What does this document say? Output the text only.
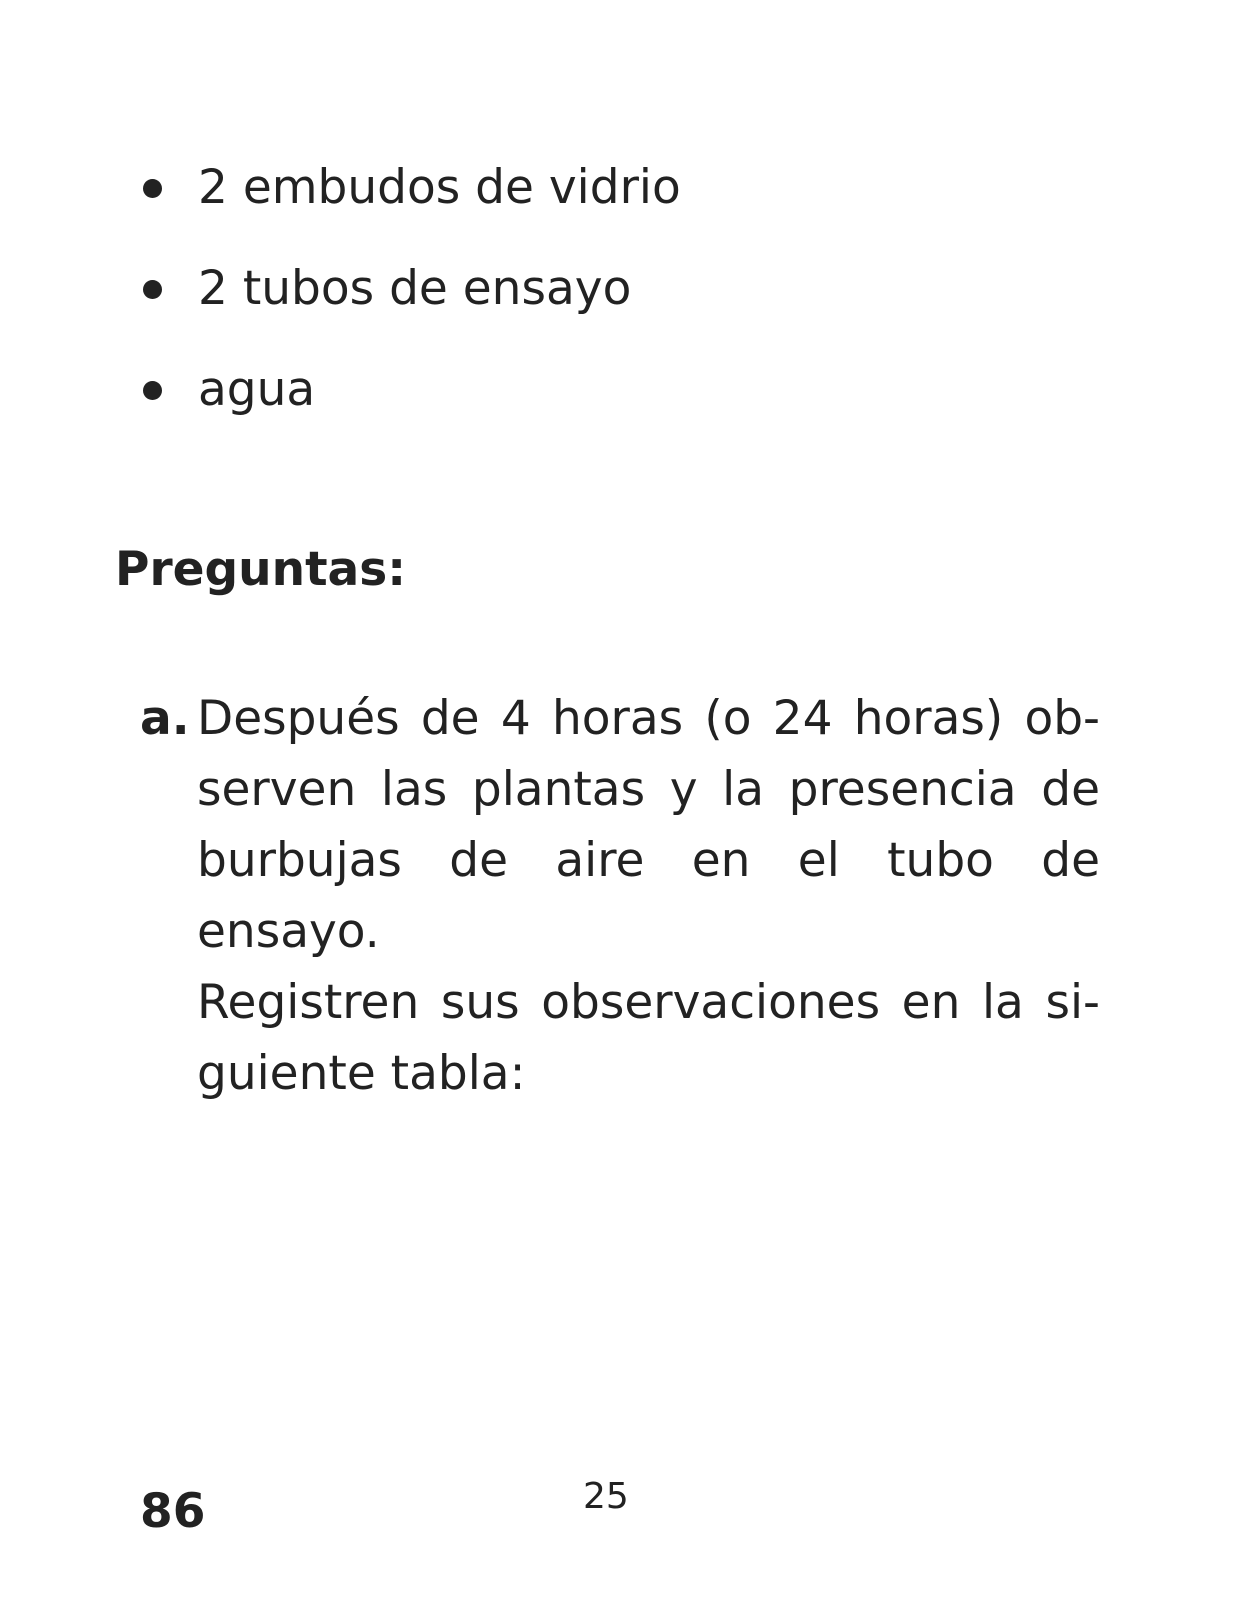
2 embudos de vidrio
2 tubos de ensayo
agua
Preguntas:
a. Después de 4 horas (o 24 horas) ob-
serven las plantas y la presencia de
burbujas de aire en el tubo de ensayo.
Registren sus observaciones en la si-
guiente tabla:

86	25
